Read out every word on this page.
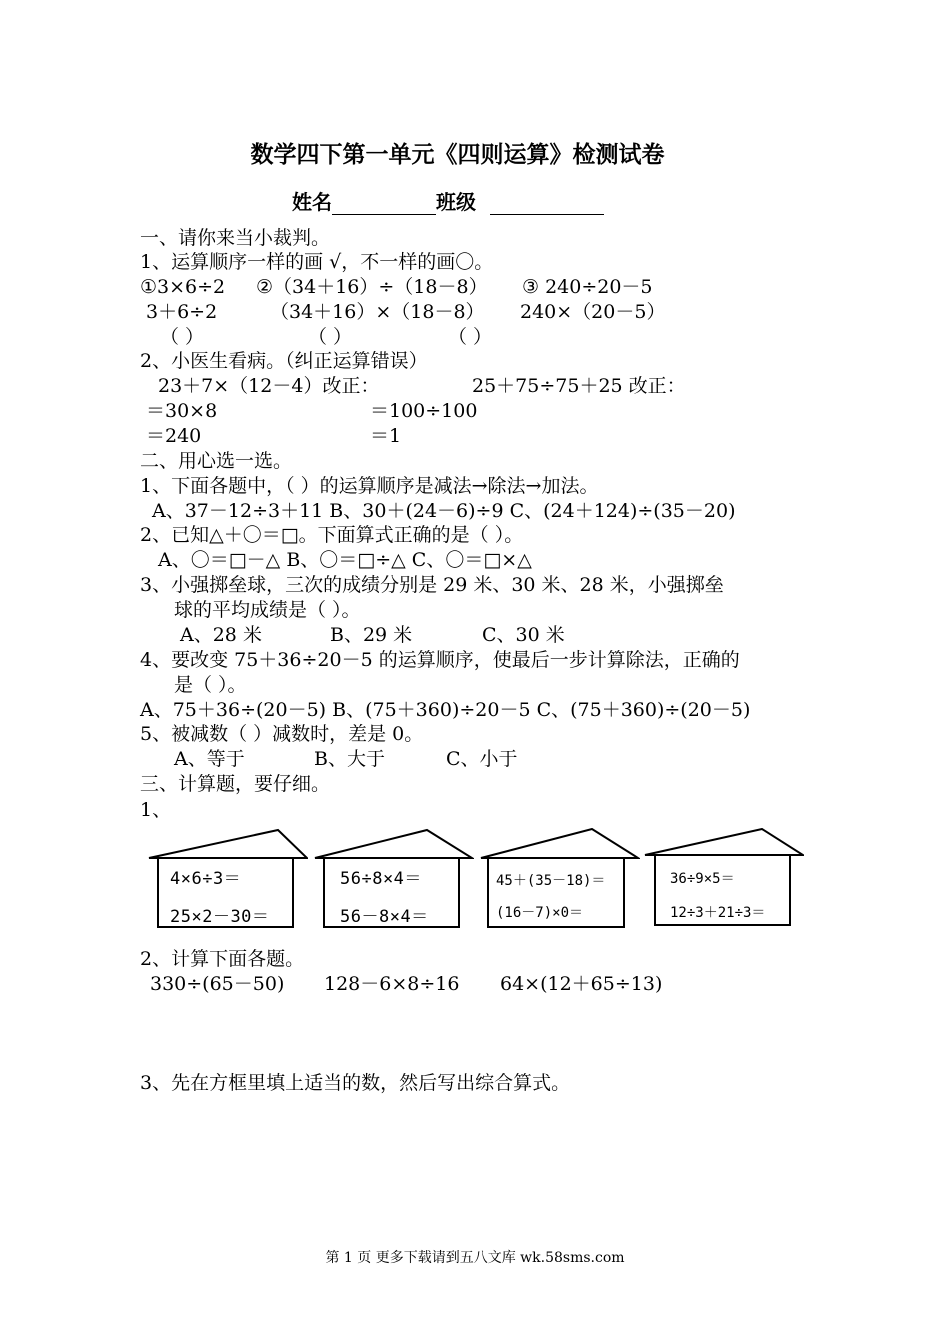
数学四下第一单元《四则运算》检测试卷
姓名	班级
一、请你来当小裁判。
1、运算顺序一样的画 √，不一样的画〇。
①3×6÷2 ②（34＋16）÷（18－8） ③ 240÷20－5
3＋6÷2	（34＋16）×（18－8） 240×（20－5）
（ ）	（ ）	（ ）
2、小医生看病。（纠正运算错误）
23＋7×（12－4）改正：
＝30×8
＝240
25＋75÷75＋25 改正：
＝100÷100
＝1
二、用心选一选。
1、下面各题中，（ ）的运算顺序是减法→除法→加法。
A、37－12÷3＋11 B、30＋(24－6)÷9 C、(24＋124)÷(35－20)
2、已知△＋〇＝□。下面算式正确的是（ ）。
A、〇＝□－△ B、〇＝□÷△ C、〇＝□×△
3、小强掷垒球，三次的成绩分别是 29 米、30 米、28 米，小强掷垒
球的平均成绩是（ ）。
A、28 米	B、29 米	C、30 米
4、要改变 75＋36÷20－5 的运算顺序，使最后一步计算除法，正确的
是（ ）。
A、75＋36÷(20－5) B、(75＋360)÷20－5 C、(75＋360)÷(20－5)
5、被减数（ ）减数时，差是 0。
A、等于	B、大于	C、小于
三、计算题，要仔细。
1、
4×6÷3＝
25×2－30＝
56÷8×4＝
56－8×4＝
45＋(35－18)＝
(16－7)×0＝
36÷9×5＝
12÷3＋21÷3＝
2、计算下面各题。
330÷(65－50) 128－6×8÷16 64×(12＋65÷13)
3、先在方框里填上适当的数，然后写出综合算式。
第 1 页 更多下载请到五八文库 wk.58sms.com
